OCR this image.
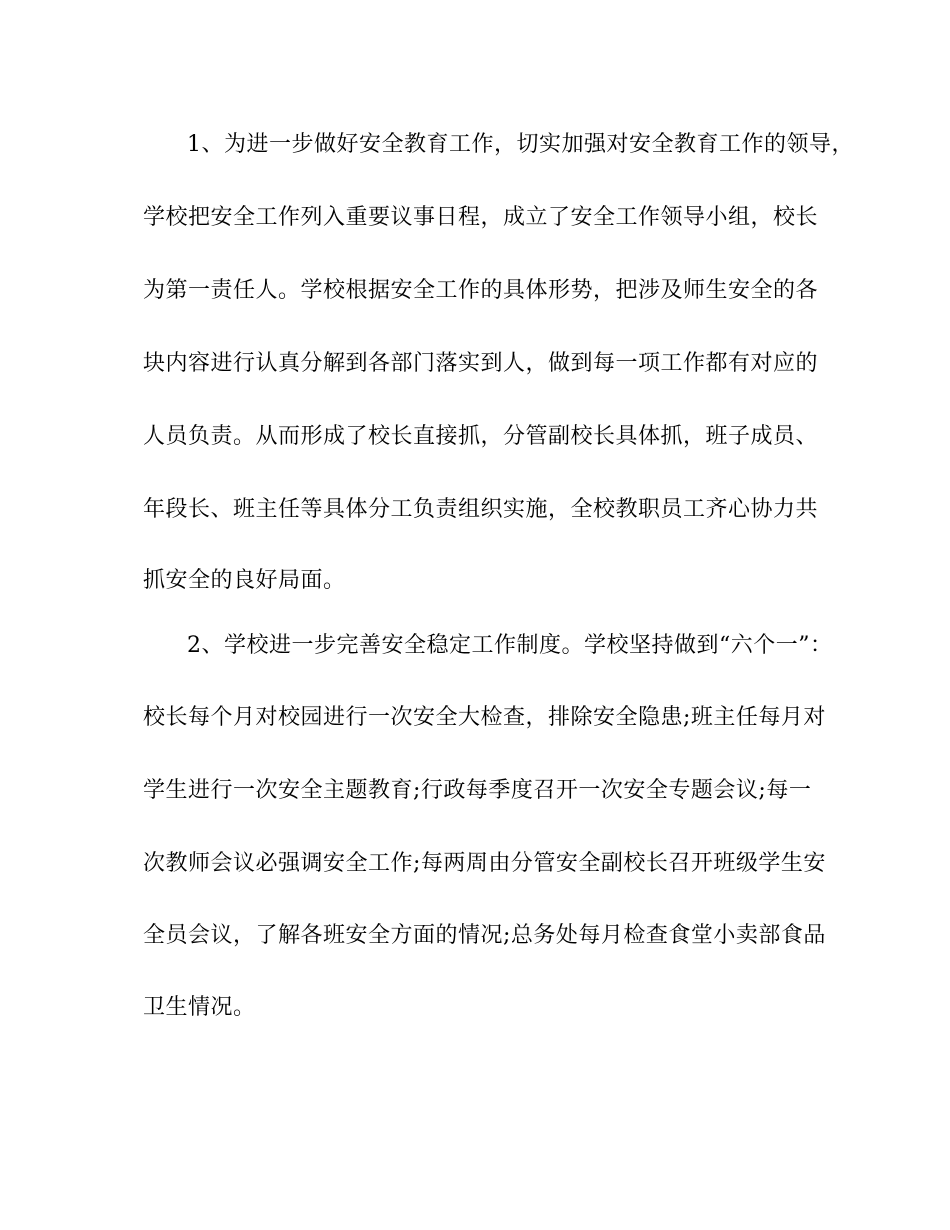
1、为进一步做好安全教育工作，切实加强对安全教育工作的领导，
学校把安全工作列入重要议事日程，成立了安全工作领导小组，校长
为第一责任人。学校根据安全工作的具体形势，把涉及师生安全的各
块内容进行认真分解到各部门落实到人，做到每一项工作都有对应的
人员负责。从而形成了校长直接抓，分管副校长具体抓，班子成员、
年段长、班主任等具体分工负责组织实施，全校教职员工齐心协力共
抓安全的良好局面。
2、学校进一步完善安全稳定工作制度。学校坚持做到“六个一”：
校长每个月对校园进行一次安全大检查，排除安全隐患;班主任每月对
学生进行一次安全主题教育;行政每季度召开一次安全专题会议;每一
次教师会议必强调安全工作;每两周由分管安全副校长召开班级学生安
全员会议，了解各班安全方面的情况;总务处每月检查食堂小卖部食品
卫生情况。
